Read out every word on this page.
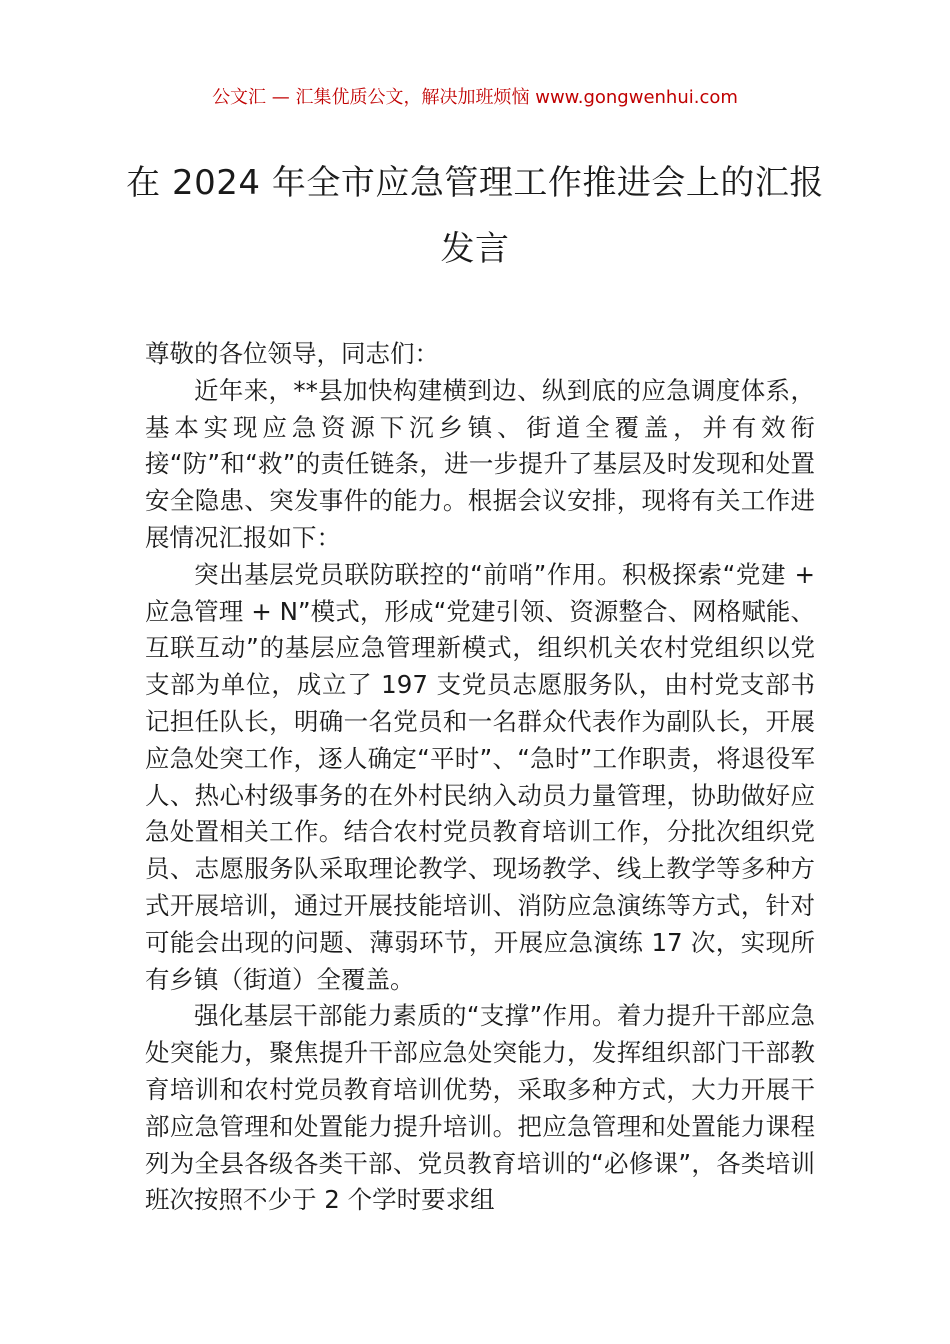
公文汇 — 汇集优质公文，解决加班烦恼 www.gongwenhui.com
在 2024 年全市应急管理工作推进会上的汇报发言

尊敬的各位领导，同志们：

近年来，**县加快构建横到边、纵到底的应急调度体系，基本实现应急资源下沉乡镇、街道全覆盖，并有效衔接“防”和“救”的责任链条，进一步提升了基层及时发现和处置安全隐患、突发事件的能力。根据会议安排，现将有关工作进展情况汇报如下：

突出基层党员联防联控的“前哨”作用。积极探索“党建 + 应急管理 + N”模式，形成“党建引领、资源整合、网格赋能、互联互动”的基层应急管理新模式，组织机关农村党组织以党支部为单位，成立了 197 支党员志愿服务队，由村党支部书记担任队长，明确一名党员和一名群众代表作为副队长，开展应急处突工作，逐人确定“平时”、“急时”工作职责，将退役军人、热心村级事务的在外村民纳入动员力量管理，协助做好应急处置相关工作。结合农村党员教育培训工作，分批次组织党员、志愿服务队采取理论教学、现场教学、线上教学等多种方式开展培训，通过开展技能培训、消防应急演练等方式，针对可能会出现的问题、薄弱环节，开展应急演练 17 次，实现所有乡镇（街道）全覆盖。

强化基层干部能力素质的“支撑”作用。着力提升干部应急处突能力，聚焦提升干部应急处突能力，发挥组织部门干部教育培训和农村党员教育培训优势，采取多种方式，大力开展干部应急管理和处置能力提升培训。把应急管理和处置能力课程列为全县各级各类干部、党员教育培训的“必修课”，各类培训班次按照不少于 2 个学时要求组
